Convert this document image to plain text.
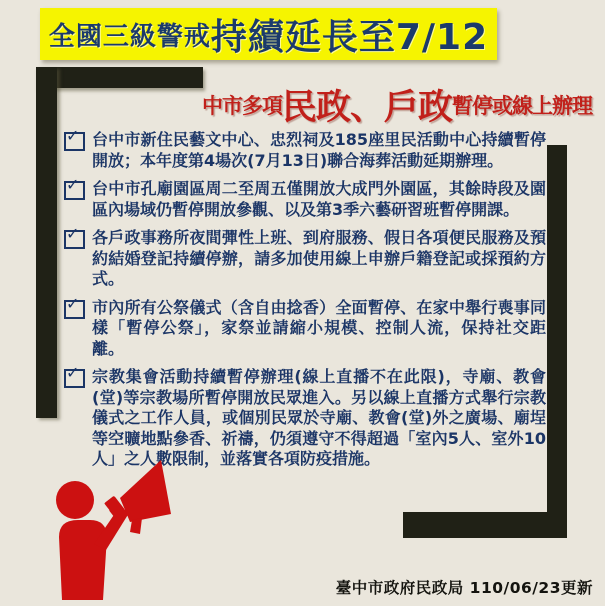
全國三級警戒 持續延長至7/12
中市多項 民政、戶政 暫停或線上辦理
✓ 台中市新住民藝文中心、忠烈祠及185座里民活動中心持續暫停開放；本年度第4場次(7月13日)聯合海葬活動延期辦理。

✓ 台中市孔廟園區周二至周五僅開放大成門外園區，其餘時段及園區內場域仍暫停開放參觀、以及第3季六藝研習班暫停開課。

✓ 各戶政事務所夜間彈性上班、到府服務、假日各項便民服務及預約結婚登記持續停辦，請多加使用線上申辦戶籍登記或採預約方式。

✓ 市內所有公祭儀式（含自由捻香）全面暫停、在家中舉行喪事同樣「暫停公祭」，家祭並請縮小規模、控制人流，保持社交距離。

✓ 宗教集會活動持續暫停辦理(線上直播不在此限)，寺廟、教會(堂)等宗教場所暫停開放民眾進入。另以線上直播方式舉行宗教儀式之工作人員，或個別民眾於寺廟、教會(堂)外之廣場、廟埕等空曠地點參香、祈禱，仍須遵守不得超過「室內5人、室外10人」之人數限制，並落實各項防疫措施。

臺中市政府民政局 110/06/23更新
